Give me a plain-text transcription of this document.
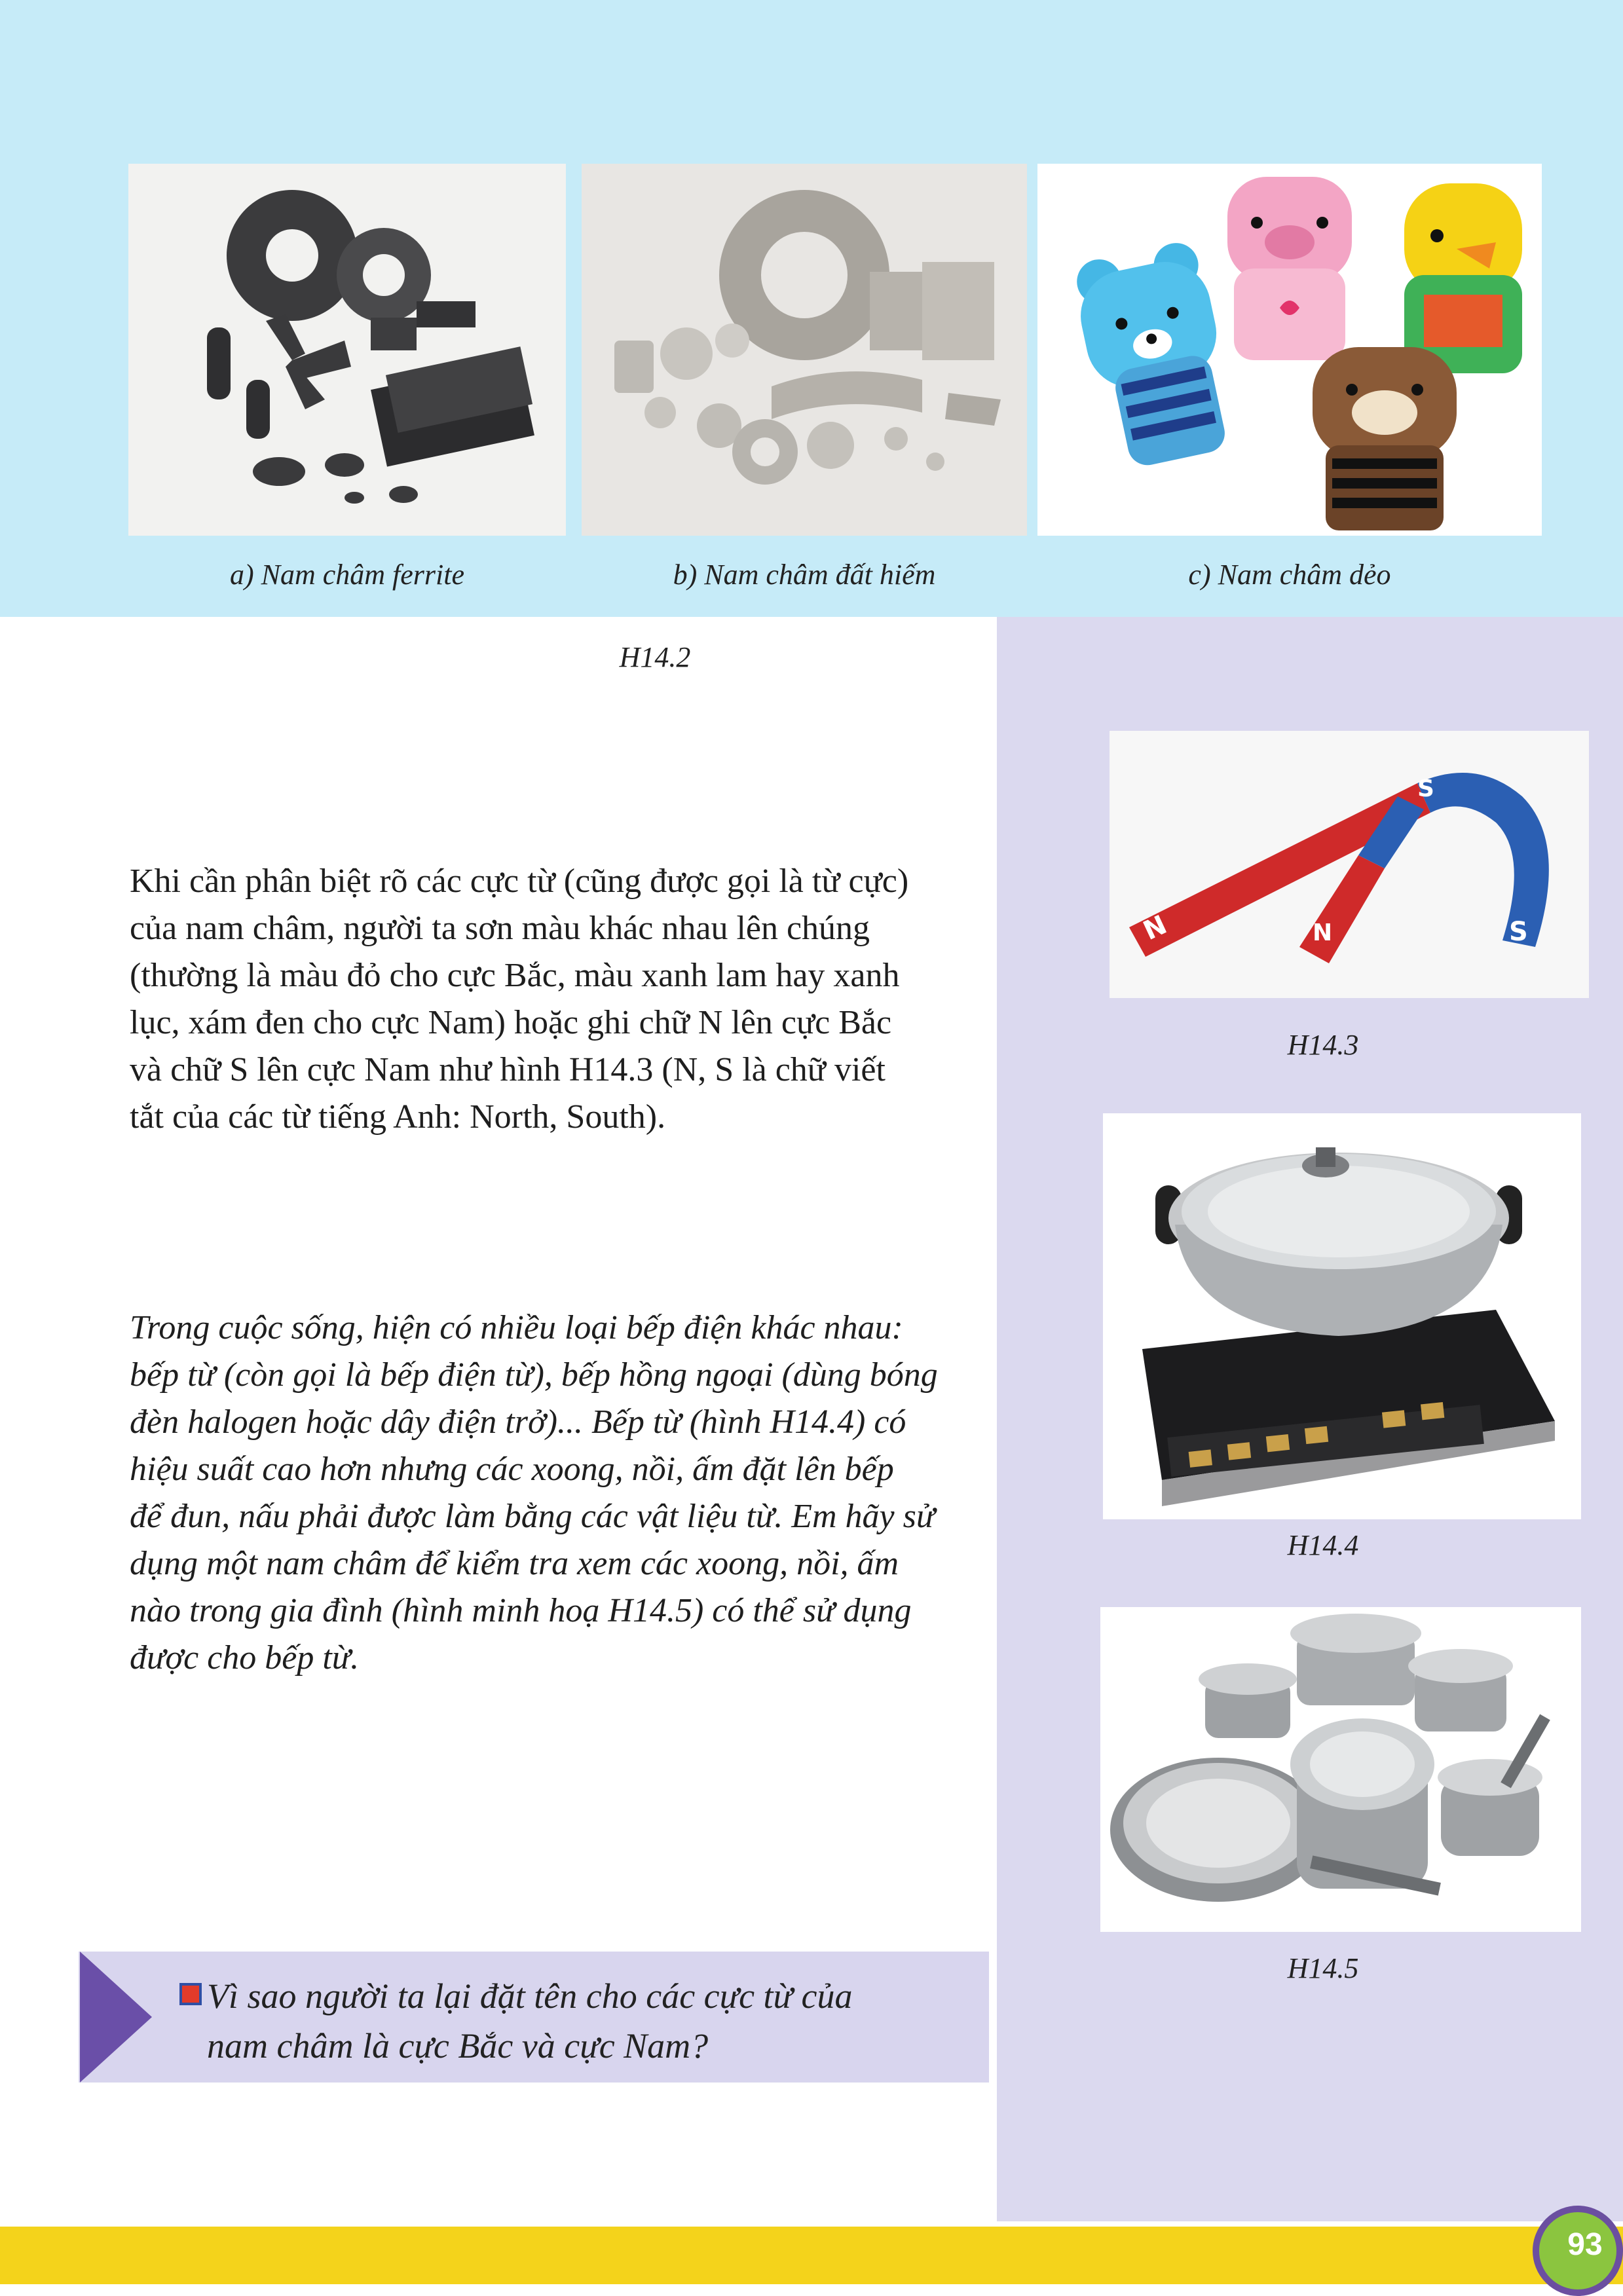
a) Nam châm ferrite	b) Nam châm đất hiếm	c) Nam châm dẻo
H14.2
N	N
S
S
H14.3
H14.4
H14.5
Khi cần phân biệt rõ các cực từ (cũng được gọi là từ cực)
của nam châm, người ta sơn màu khác nhau lên chúng
(thường là màu đỏ cho cực Bắc, màu xanh lam hay xanh
lục, xám đen cho cực Nam) hoặc ghi chữ N lên cực Bắc
và chữ S lên cực Nam như hình H14.3 (N, S là chữ viết
tắt của các từ tiếng Anh: North, South).
Trong cuộc sống, hiện có nhiều loại bếp điện khác nhau:
bếp từ (còn gọi là bếp điện từ), bếp hồng ngoại (dùng bóng
đèn halogen hoặc dây điện trở)... Bếp từ (hình H14.4) có
hiệu suất cao hơn nhưng các xoong, nồi, ấm đặt lên bếp
để đun, nấu phải được làm bằng các vật liệu từ. Em hãy sử
dụng một nam châm để kiểm tra xem các xoong, nồi, ấm
nào trong gia đình (hình minh hoạ H14.5) có thể sử dụng
được cho bếp từ.
Vì sao người ta lại đặt tên cho các cực từ của
nam châm là cực Bắc và cực Nam?
93
